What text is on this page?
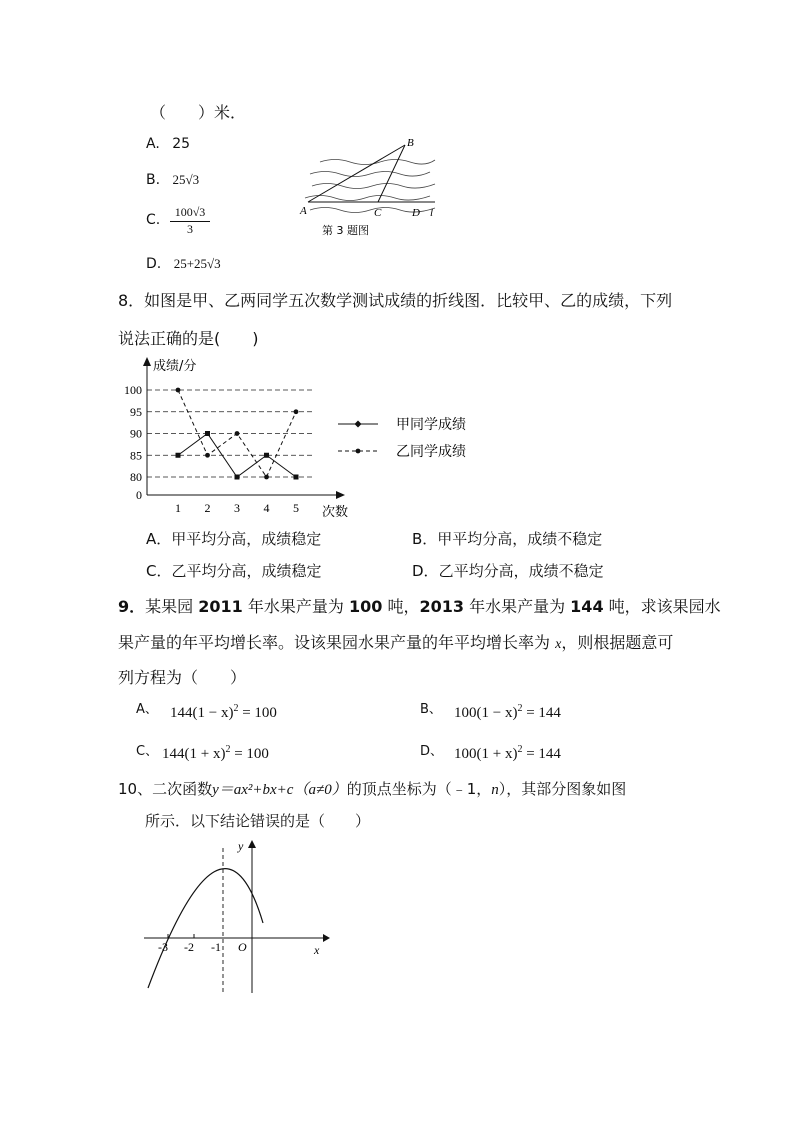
（　　）米．
A. 25
B. 25√3
C. $\frac{100√3}{3}$
D. 25+25√3
B
A	C	D l
第 3 题图
8．如图是甲、乙两同学五次数学测试成绩的折线图．比较甲、乙的成绩，下列
说法正确的是(　　)
0
80
85
90
95
100
成绩/分
次数
1 2 3 4 5
甲同学成绩
乙同学成绩
A．甲平均分高，成绩稳定	B．甲平均分高，成绩不稳定
C．乙平均分高，成绩稳定	D．乙平均分高，成绩不稳定
9．某果园 2011 年水果产量为 100 吨，2013 年水果产量为 144 吨，求该果园水
果产量的年平均增长率。设该果园水果产量的年平均增长率为 x，则根据题意可
列方程为（　　）
A、 $144(1 - x)^2 = 100$	B、 $100(1 - x)^2 = 144$
C、 $144(1 + x)^2 = 100$	D、 $100(1 + x)^2 = 144$
10、二次函数y＝ax²+bx+c（a≠0）的顶点坐标为（﹣1，n），其部分图象如图
所示．以下结论错误的是（　　）
-3 -2 -1 O	x
y
